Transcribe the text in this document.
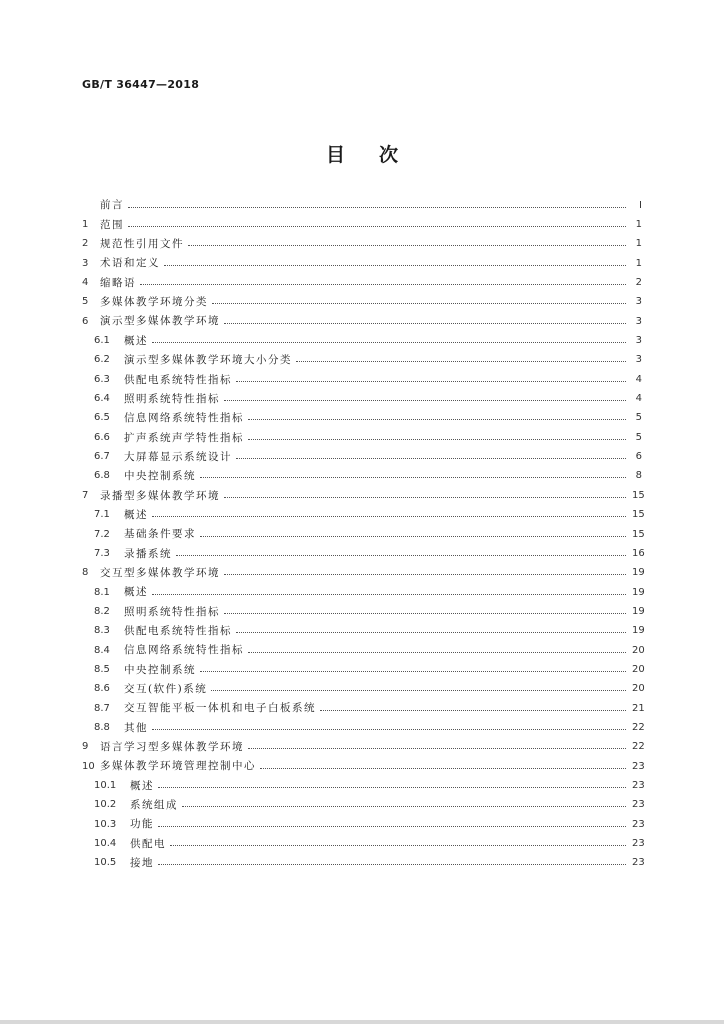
GB/T 36447—2018
目次
前言	Ⅰ
1	范围	1
2	规范性引用文件	1
3	术语和定义	1
4	缩略语	2
5	多媒体教学环境分类	3
6	演示型多媒体教学环境	3
6.1	概述	3
6.2	演示型多媒体教学环境大小分类	3
6.3	供配电系统特性指标	4
6.4	照明系统特性指标	4
6.5	信息网络系统特性指标	5
6.6	扩声系统声学特性指标	5
6.7	大屏幕显示系统设计	6
6.8	中央控制系统	8
7	录播型多媒体教学环境	15
7.1	概述	15
7.2	基础条件要求	15
7.3	录播系统	16
8	交互型多媒体教学环境	19
8.1	概述	19
8.2	照明系统特性指标	19
8.3	供配电系统特性指标	19
8.4	信息网络系统特性指标	20
8.5	中央控制系统	20
8.6	交互(软件)系统	20
8.7	交互智能平板一体机和电子白板系统	21
8.8	其他	22
9	语言学习型多媒体教学环境	22
10 多媒体教学环境管理控制中心	23
10.1	概述	23
10.2	系统组成	23
10.3	功能	23
10.4	供配电	23
10.5	接地	23
